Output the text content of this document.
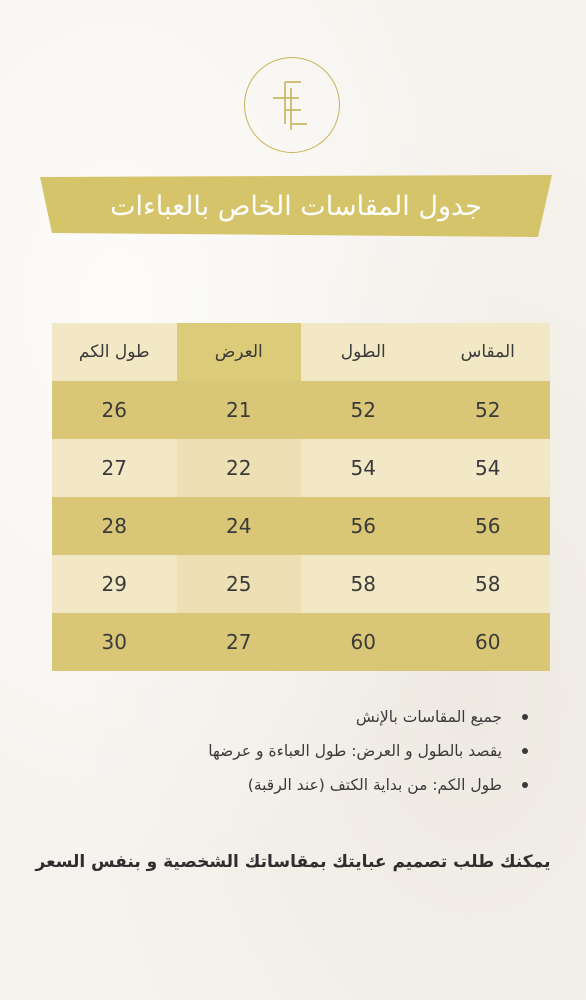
جدول المقاسات الخاص بالعباءات
المقاس
الطول
العرض
طول الكم
52
52
21
26
54
54
22
27
56
56
24
28
58
58
25
29
60
60
27
30
جميع المقاسات بالإنش
يقصد بالطول و العرض: طول العباءة و عرضها
طول الكم: من بداية الكتف (عند الرقبة)
يمكنك طلب تصميم عبايتك بمقاساتك الشخصية و بنفس السعر
